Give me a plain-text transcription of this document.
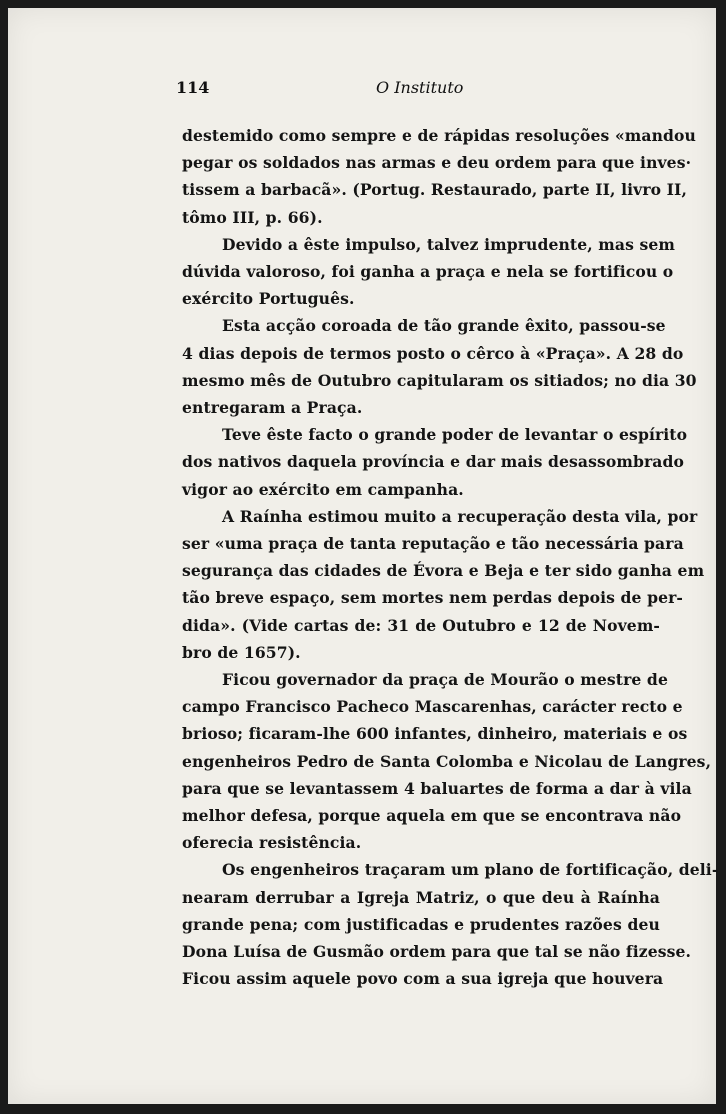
114	O Instituto
destemido como sempre e de rápidas resoluções «mandou
pegar os soldados nas armas e deu ordem para que inves·
tissem a barbacã». (Portug. Restaurado, parte II, livro II,
tômo III, p. 66).
Devido a êste impulso, talvez imprudente, mas sem
dúvida valoroso, foi ganha a praça e nela se fortificou o
exército Português.
Esta acção coroada de tão grande êxito, passou-se
4 dias depois de termos posto o cêrco à «Praça». A 28 do
mesmo mês de Outubro capitularam os sitiados; no dia 30
entregaram a Praça.
Teve êste facto o grande poder de levantar o espírito
dos nativos daquela província e dar mais desassombrado
vigor ao exército em campanha.
A Raínha estimou muito a recuperação desta vila, por
ser «uma praça de tanta reputação e tão necessária para
segurança das cidades de Évora e Beja e ter sido ganha em
tão breve espaço, sem mortes nem perdas depois de per-
dida». (Vide cartas de: 31 de Outubro e 12 de Novem-
bro de 1657).
Ficou governador da praça de Mourão o mestre de
campo Francisco Pacheco Mascarenhas, carácter recto e
brioso; ficaram-lhe 600 infantes, dinheiro, materiais e os
engenheiros Pedro de Santa Colomba e Nicolau de Langres,
para que se levantassem 4 baluartes de forma a dar à vila
melhor defesa, porque aquela em que se encontrava não
oferecia resistência.
Os engenheiros traçaram um plano de fortificação, deli-
nearam derrubar a Igreja Matriz, o que deu à Raínha
grande pena; com justificadas e prudentes razões deu
Dona Luísa de Gusmão ordem para que tal se não fizesse.
Ficou assim aquele povo com a sua igreja que houvera
